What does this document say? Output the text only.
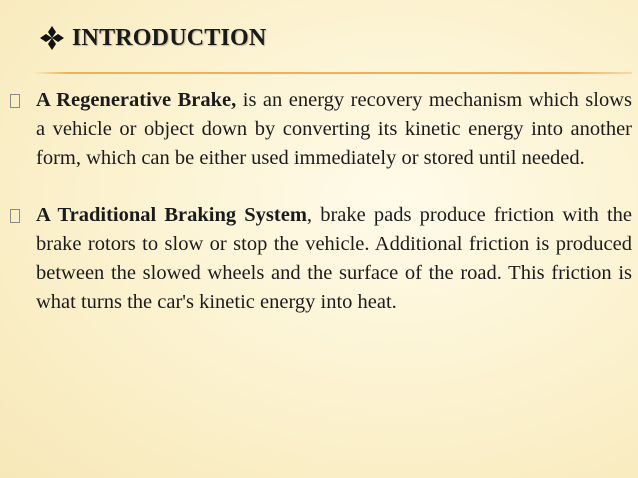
INTRODUCTION
A Regenerative Brake, is an energy recovery mechanism which slows a vehicle or object down by converting its kinetic energy into another form, which can be either used immediately or stored until needed.
A Traditional Braking System, brake pads produce friction with the brake rotors to slow or stop the vehicle. Additional friction is produced between the slowed wheels and the surface of the road. This friction is what turns the car's kinetic energy into heat.
